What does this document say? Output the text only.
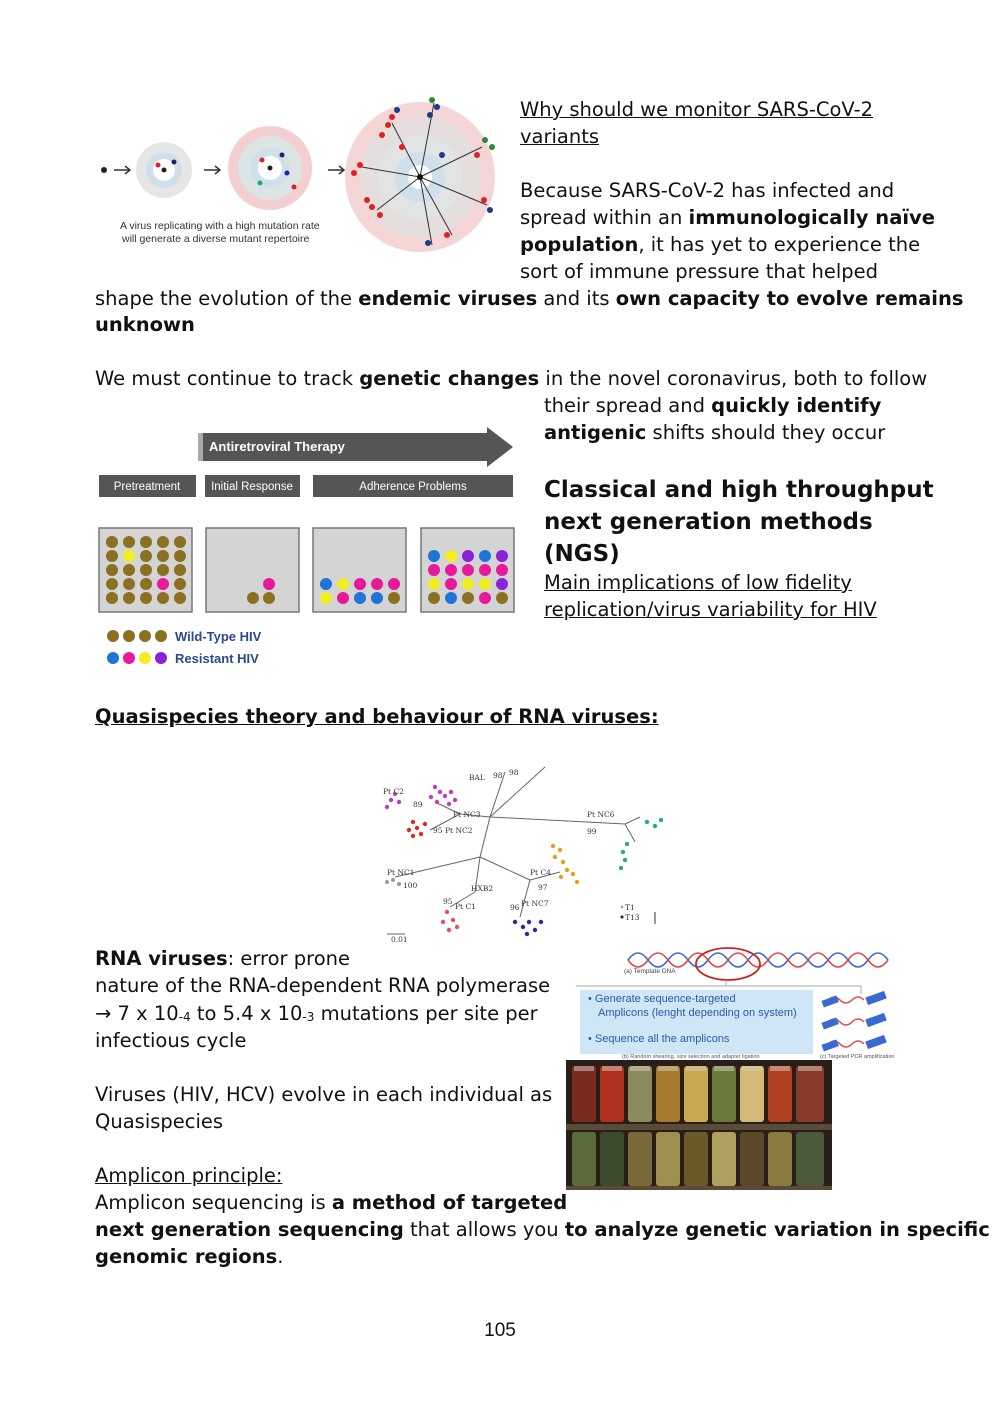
A virus replicating with a high mutation rate
will generate a diverse mutant repertoire
Why should we monitor SARS-CoV-2
variants
Because SARS-CoV-2 has infected and
spread within an immunologically naïve
population, it has yet to experience the
sort of immune pressure that helped
shape the evolution of the endemic viruses and its own capacity to evolve remains
unknown
We must continue to track genetic changes in the novel coronavirus, both to follow
their spread and quickly identify
antigenic shifts should they occur
Antiretroviral Therapy
Pretreatment	Initial Response	Adherence Problems
Wild-Type HIV
Resistant HIV
Classical and high throughput
next generation methods
(NGS)
Main implications of low fidelity
replication/virus variability for HIV
Quasispecies theory and behaviour of RNA viruses:
BAL 98 98
Pt C2
89
Pt NC3
95 Pt NC2
Pt NC6
99
Pt NC1
100	HXB2
Pt C4
97
95
Pt C1	96 Pt NC7	T1
T13
0.01
RNA viruses: error prone
nature of the RNA-dependent RNA polymerase
→ 7 x $10_{-4}$ to 5.4 x $10_{-3}$ mutations per site per
infectious cycle
Viruses (HIV, HCV) evolve in each individual as
Quasispecies
(a) Template DNA
• Generate sequence-targeted
Amplicons (lenght depending on system)
• Sequence all the amplicons
(b) Random shearing, size selection and adapter ligation	(c) Targeted PCR amplification
Amplicon principle:
Amplicon sequencing is a method of targeted
next generation sequencing that allows you to analyze genetic variation in specific
genomic regions.
105
